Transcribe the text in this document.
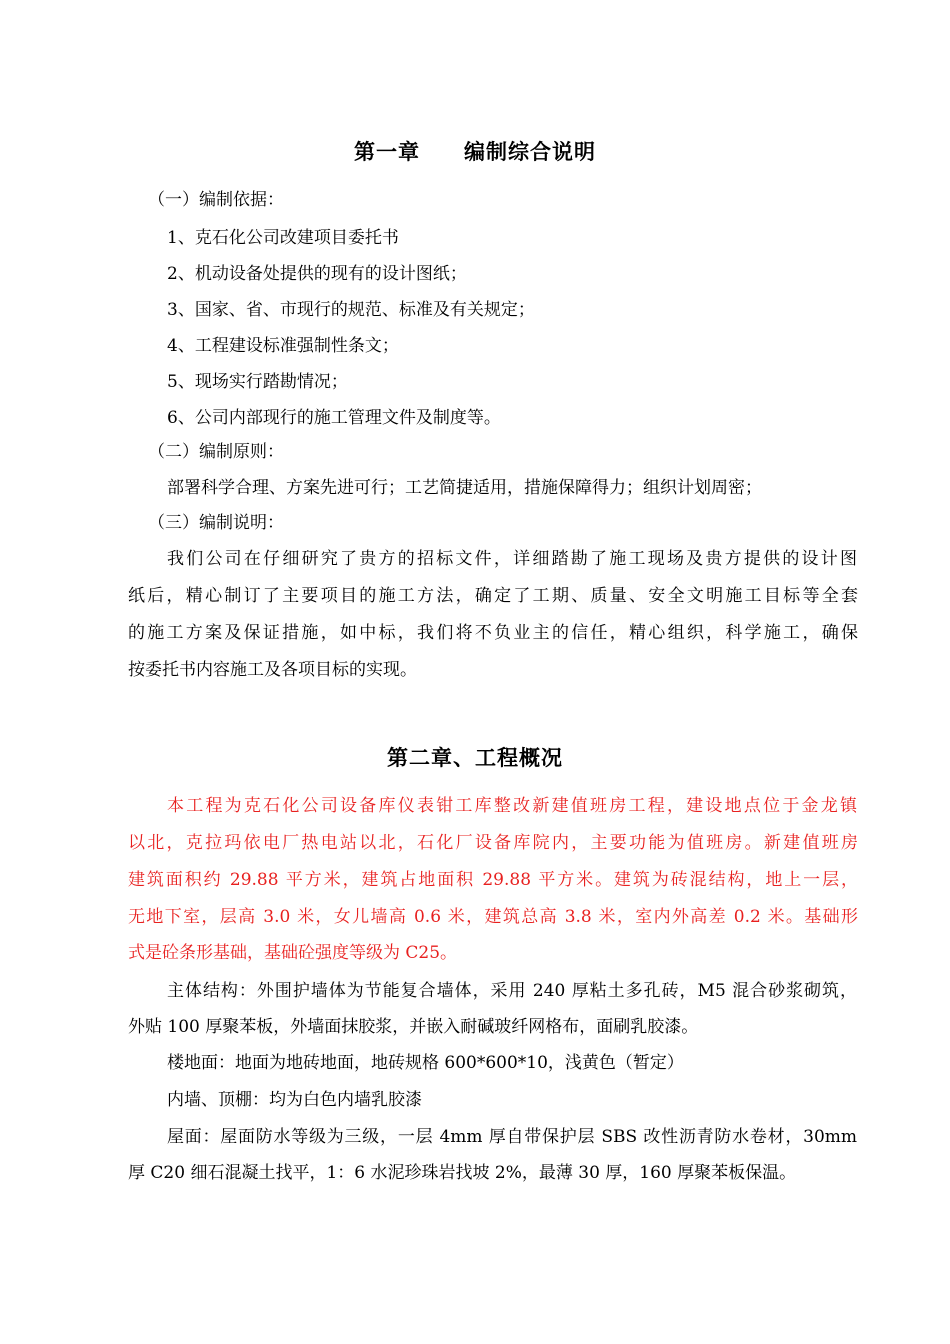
第一章 编制综合说明
（一）编制依据：
1、克石化公司改建项目委托书
2、机动设备处提供的现有的设计图纸；
3、国家、省、市现行的规范、标准及有关规定；
4、工程建设标准强制性条文；
5、现场实行踏勘情况；
6、公司内部现行的施工管理文件及制度等。
（二）编制原则：
部署科学合理、方案先进可行；工艺简捷适用，措施保障得力；组织计划周密；
（三）编制说明：
我们公司在仔细研究了贵方的招标文件，详细踏勘了施工现场及贵方提供的设计图
纸后，精心制订了主要项目的施工方法，确定了工期、质量、安全文明施工目标等全套
的施工方案及保证措施，如中标，我们将不负业主的信任，精心组织，科学施工，确保
按委托书内容施工及各项目标的实现。
第二章、工程概况
本工程为克石化公司设备库仪表钳工库整改新建值班房工程，建设地点位于金龙镇
以北，克拉玛依电厂热电站以北，石化厂设备库院内，主要功能为值班房。新建值班房
建筑面积约 29.88 平方米，建筑占地面积 29.88 平方米。建筑为砖混结构，地上一层，
无地下室，层高 3.0 米，女儿墙高 0.6 米，建筑总高 3.8 米，室内外高差 0.2 米。基础形
式是砼条形基础，基础砼强度等级为 C25。
主体结构：外围护墙体为节能复合墙体，采用 240 厚粘土多孔砖，M5 混合砂浆砌筑，
外贴 100 厚聚苯板，外墙面抹胶浆，并嵌入耐碱玻纤网格布，面刷乳胶漆。
楼地面：地面为地砖地面，地砖规格 600*600*10，浅黄色（暂定）
内墙、顶棚：均为白色内墙乳胶漆
屋面：屋面防水等级为三级，一层 4mm 厚自带保护层 SBS 改性沥青防水卷材，30mm
厚 C20 细石混凝土找平，1：6 水泥珍珠岩找坡 2%，最薄 30 厚，160 厚聚苯板保温。
